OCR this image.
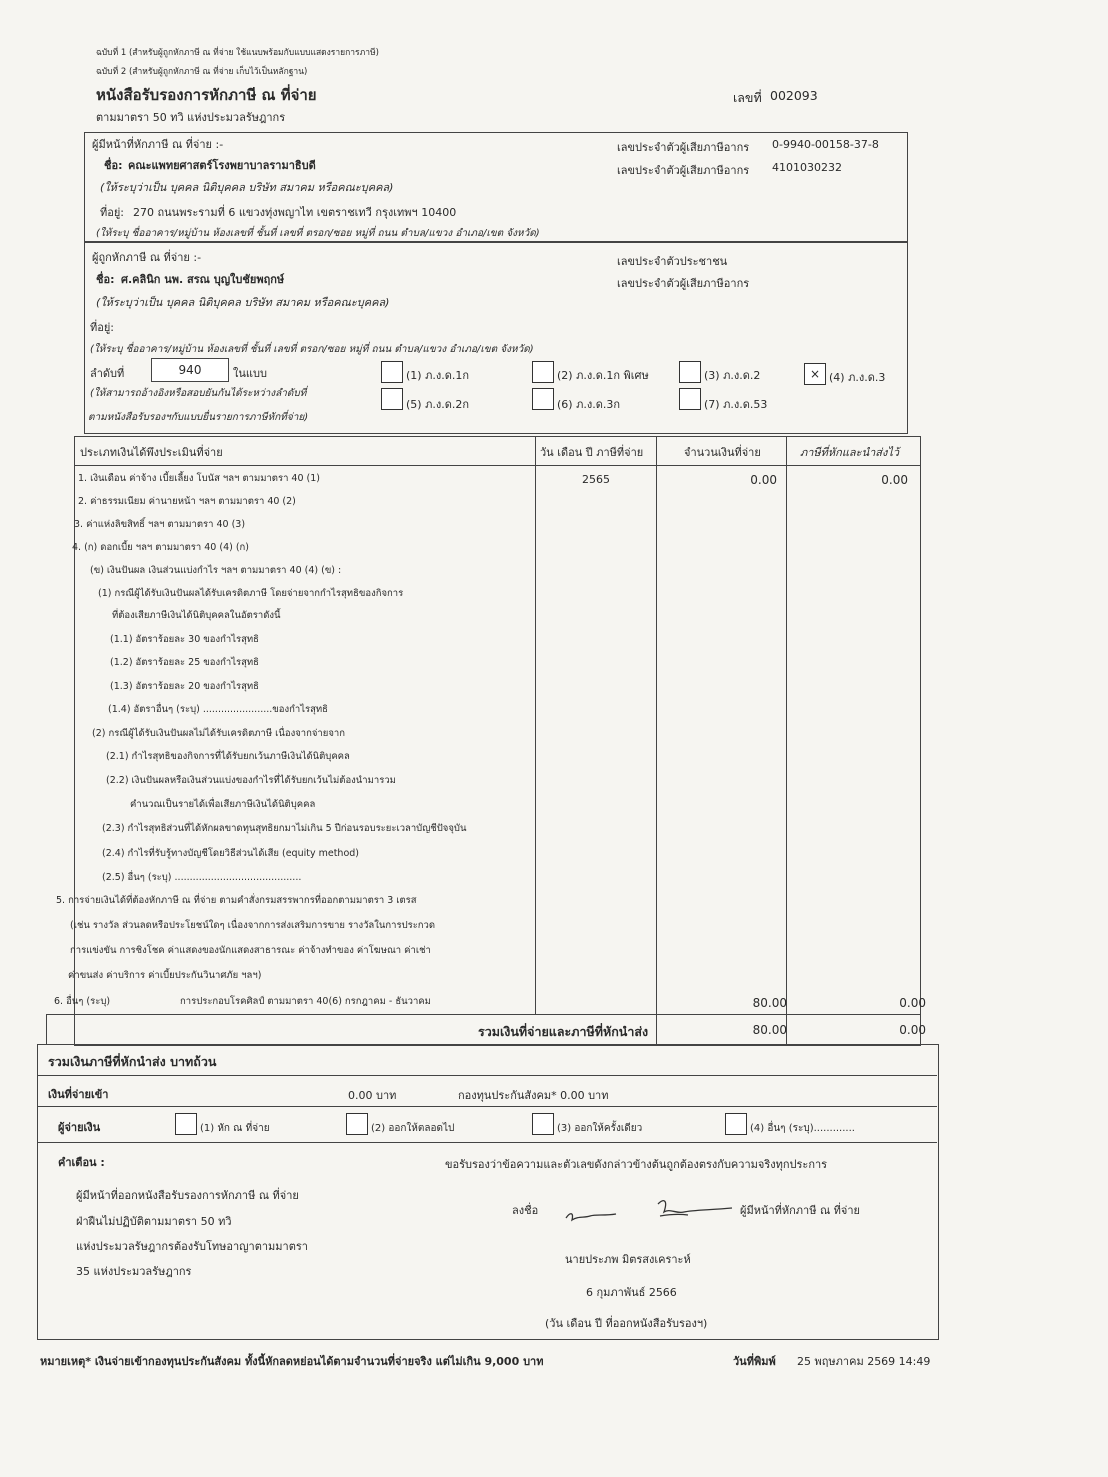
ฉบับที่ 1 (สำหรับผู้ถูกหักภาษี ณ ที่จ่าย ใช้แนบพร้อมกับแบบแสดงรายการภาษี)
ฉบับที่ 2 (สำหรับผู้ถูกหักภาษี ณ ที่จ่าย เก็บไว้เป็นหลักฐาน)
หนังสือรับรองการหักภาษี ณ ที่จ่าย
ตามมาตรา 50 ทวิ แห่งประมวลรัษฎากร
เลขที่ 002093
ผู้มีหน้าที่หักภาษี ณ ที่จ่าย :-
ชื่อ: คณะแพทยศาสตร์โรงพยาบาลรามาธิบดี
(ให้ระบุว่าเป็น บุคคล นิติบุคคล บริษัท สมาคม หรือคณะบุคคล)
ที่อยู่: 270 ถนนพระรามที่ 6 แขวงทุ่งพญาไท เขตราชเทวี กรุงเทพฯ 10400
(ให้ระบุ ชื่ออาคาร/หมู่บ้าน ห้องเลขที่ ชั้นที่ เลขที่ ตรอก/ซอย หมู่ที่ ถนน ตำบล/แขวง อำเภอ/เขต จังหวัด)
เลขประจำตัวผู้เสียภาษีอากร 0-9940-00158-37-8
เลขประจำตัวผู้เสียภาษีอากร 4101030232
ผู้ถูกหักภาษี ณ ที่จ่าย :-
ชื่อ: ศ.คลินิก นพ. สรณ บุญใบชัยพฤกษ์
(ให้ระบุว่าเป็น บุคคล นิติบุคคล บริษัท สมาคม หรือคณะบุคคล)
ที่อยู่:
(ให้ระบุ ชื่ออาคาร/หมู่บ้าน ห้องเลขที่ ชั้นที่ เลขที่ ตรอก/ซอย หมู่ที่ ถนน ตำบล/แขวง อำเภอ/เขต จังหวัด)
เลขประจำตัวประชาชน
เลขประจำตัวผู้เสียภาษีอากร
ลำดับที่	940	ในแบบ
(ให้สามารถอ้างอิงหรือสอบยันกันได้ระหว่างลำดับที่
ตามหนังสือรับรองฯกับแบบยื่นรายการภาษีหักที่จ่าย)
(1) ภ.ง.ด.1ก	(2) ภ.ง.ด.1ก พิเศษ	(3) ภ.ง.ด.2	× (4) ภ.ง.ด.3
(5) ภ.ง.ด.2ก	(6) ภ.ง.ด.3ก	(7) ภ.ง.ด.53
ประเภทเงินได้พึงประเมินที่จ่าย	วัน เดือน ปี ภาษีที่จ่าย	จำนวนเงินที่จ่าย	ภาษีที่หักและนำส่งไว้
1. เงินเดือน ค่าจ้าง เบี้ยเลี้ยง โบนัส ฯลฯ ตามมาตรา 40 (1)	2565	0.00	0.00
2. ค่าธรรมเนียม ค่านายหน้า ฯลฯ ตามมาตรา 40 (2)
3. ค่าแห่งลิขสิทธิ์ ฯลฯ ตามมาตรา 40 (3)
4. (ก) ดอกเบี้ย ฯลฯ ตามมาตรา 40 (4) (ก)
(ข) เงินปันผล เงินส่วนแบ่งกำไร ฯลฯ ตามมาตรา 40 (4) (ข) :
(1) กรณีผู้ได้รับเงินปันผลได้รับเครดิตภาษี โดยจ่ายจากกำไรสุทธิของกิจการ
ที่ต้องเสียภาษีเงินได้นิติบุคคลในอัตราดังนี้
(1.1) อัตราร้อยละ 30 ของกำไรสุทธิ
(1.2) อัตราร้อยละ 25 ของกำไรสุทธิ
(1.3) อัตราร้อยละ 20 ของกำไรสุทธิ
(1.4) อัตราอื่นๆ (ระบุ) .......................ของกำไรสุทธิ
(2) กรณีผู้ได้รับเงินปันผลไม่ได้รับเครดิตภาษี เนื่องจากจ่ายจาก
(2.1) กำไรสุทธิของกิจการที่ได้รับยกเว้นภาษีเงินได้นิติบุคคล
(2.2) เงินปันผลหรือเงินส่วนแบ่งของกำไรที่ได้รับยกเว้นไม่ต้องนำมารวม
คำนวณเป็นรายได้เพื่อเสียภาษีเงินได้นิติบุคคล
(2.3) กำไรสุทธิส่วนที่ได้หักผลขาดทุนสุทธิยกมาไม่เกิน 5 ปีก่อนรอบระยะเวลาบัญชีปัจจุบัน
(2.4) กำไรที่รับรู้ทางบัญชีโดยวิธีส่วนได้เสีย (equity method)
(2.5) อื่นๆ (ระบุ) ..........................................
5. การจ่ายเงินได้ที่ต้องหักภาษี ณ ที่จ่าย ตามคำสั่งกรมสรรพากรที่ออกตามมาตรา 3 เตรส
(เช่น รางวัล ส่วนลดหรือประโยชน์ใดๆ เนื่องจากการส่งเสริมการขาย รางวัลในการประกวด
การแข่งขัน การชิงโชค ค่าแสดงของนักแสดงสาธารณะ ค่าจ้างทำของ ค่าโฆษณา ค่าเช่า
ค่าขนส่ง ค่าบริการ ค่าเบี้ยประกันวินาศภัย ฯลฯ)
6. อื่นๆ (ระบุ)	การประกอบโรคศิลป์ ตามมาตรา 40(6) กรกฎาคม - ธันวาคม	80.00	0.00
รวมเงินที่จ่ายและภาษีที่หักนำส่ง	80.00	0.00
รวมเงินภาษีที่หักนำส่ง บาทถ้วน
เงินที่จ่ายเข้า	0.00 บาท	กองทุนประกันสังคม* 0.00 บาท
ผู้จ่ายเงิน	(1) หัก ณ ที่จ่าย	(2) ออกให้ตลอดไป	(3) ออกให้ครั้งเดียว	(4) อื่นๆ (ระบุ).............
คำเตือน :
ผู้มีหน้าที่ออกหนังสือรับรองการหักภาษี ณ ที่จ่าย
ฝ่าฝืนไม่ปฏิบัติตามมาตรา 50 ทวิ
แห่งประมวลรัษฎากรต้องรับโทษอาญาตามมาตรา
35 แห่งประมวลรัษฎากร
ขอรับรองว่าข้อความและตัวเลขดังกล่าวข้างต้นถูกต้องตรงกับความจริงทุกประการ
ลงชื่อ	ผู้มีหน้าที่หักภาษี ณ ที่จ่าย
นายประภพ มิตรสงเคราะห์
6 กุมภาพันธ์ 2566
(วัน เดือน ปี ที่ออกหนังสือรับรองฯ)
หมายเหตุ* เงินจ่ายเข้ากองทุนประกันสังคม ทั้งนี้หักลดหย่อนได้ตามจำนวนที่จ่ายจริง แต่ไม่เกิน 9,000 บาท	วันที่พิมพ์ 25 พฤษภาคม 2569 14:49
